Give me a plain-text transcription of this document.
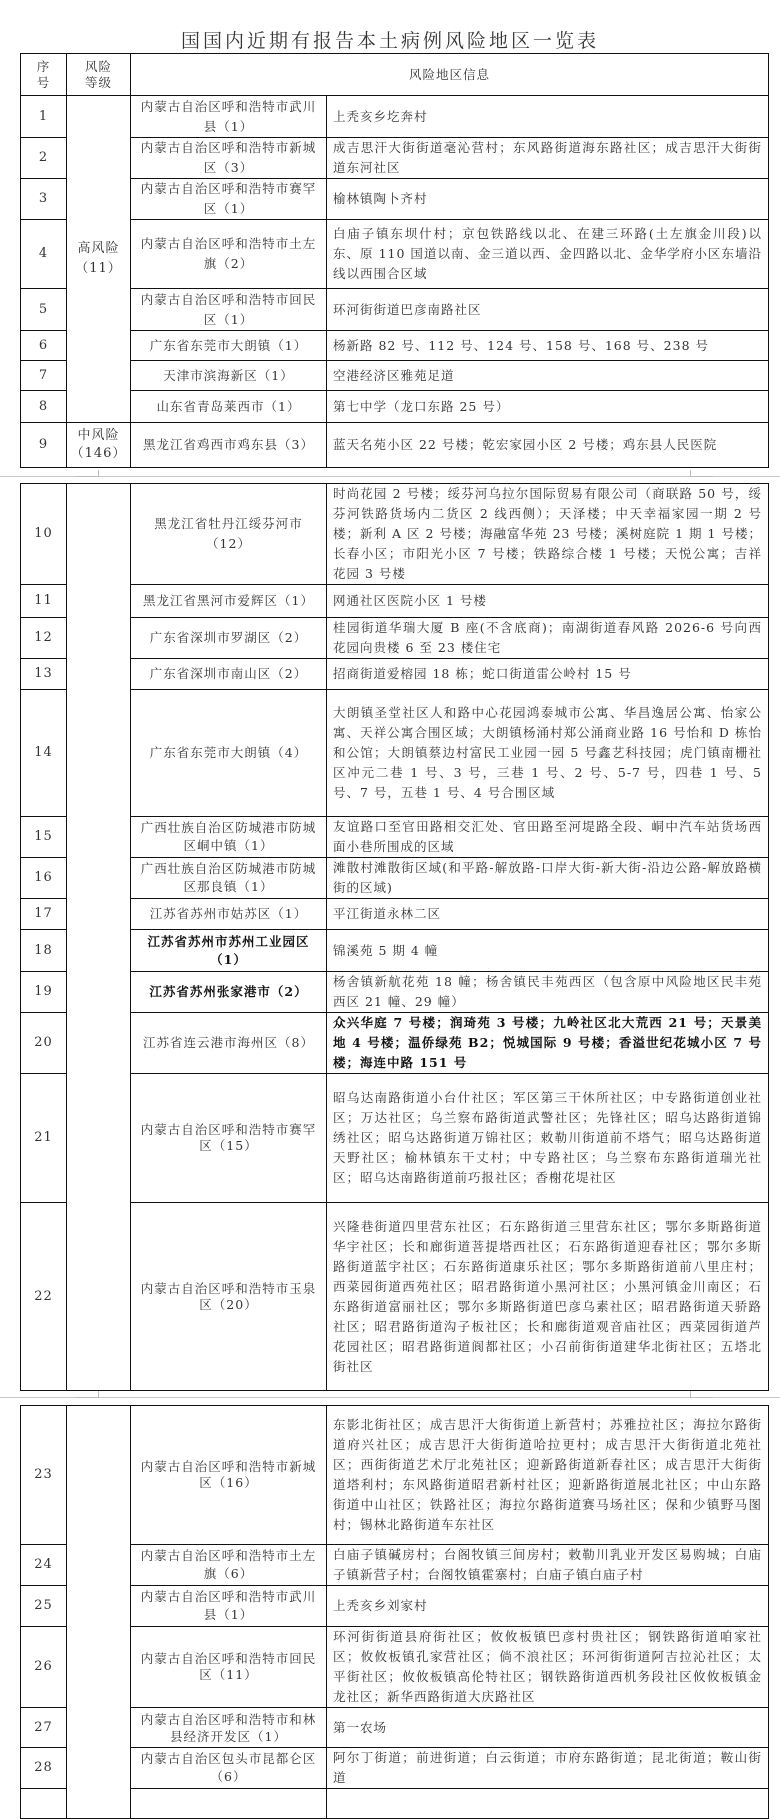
国国内近期有报告本土病例风险地区一览表
序号	风险等级	风险地区信息	
1	高风险（11）	内蒙古自治区呼和浩特市武川县（1）	上秃亥乡圪奔村
2		内蒙古自治区呼和浩特市新城区（3）	成吉思汗大街街道毫沁营村；东风路街道海东路社区；成吉思汗大街街道东河社区
3		内蒙古自治区呼和浩特市赛罕区（1）	榆林镇陶卜齐村
4		内蒙古自治区呼和浩特市土左旗（2）	白庙子镇东坝什村；京包铁路线以北、在建三环路(土左旗金川段)以东、原 110 国道以南、金三道以西、金四路以北、金华学府小区东墙沿线以西围合区域
5		内蒙古自治区呼和浩特市回民区（1）	环河街街道巴彦南路社区
6		广东省东莞市大朗镇（1）	杨新路 82 号、112 号、124 号、158 号、168 号、238 号
7		天津市滨海新区（1）	空港经济区雅苑足道
8		山东省青岛莱西市（1）	第七中学（龙口东路 25 号）
9	中风险（146）	黑龙江省鸡西市鸡东县（3）	蓝天名苑小区 22 号楼；乾宏家园小区 2 号楼；鸡东县人民医院
10		黑龙江省牡丹江绥芬河市（12）	时尚花园 2 号楼；绥芬河乌拉尔国际贸易有限公司（商联路 50 号，绥芬河铁路货场内二货区 2 线西侧）；天泽楼；中天幸福家园一期 2 号楼；新利 A 区 2 号楼；海融富华苑 23 号楼；溪树庭院 1 期 1 号楼；长春小区；市阳光小区 7 号楼；铁路综合楼 1 号楼；天悦公寓；吉祥花园 3 号楼
11		黑龙江省黑河市爱辉区（1）	网通社区医院小区 1 号楼
12		广东省深圳市罗湖区（2）	桂园街道华瑞大厦 B 座(不含底商)；南湖街道春风路 2026-6 号向西花园向贵楼 6 至 23 楼住宅
13		广东省深圳市南山区（2）	招商街道爱榕园 18 栋；蛇口街道雷公岭村 15 号
14		广东省东莞市大朗镇（4）	大朗镇圣堂社区人和路中心花园鸿泰城市公寓、华昌逸居公寓、怡家公寓、天祥公寓合围区域；大朗镇杨涌村郑公涌商业路 16 号怡和 D 栋怡和公馆；大朗镇蔡边村富民工业园一园 5 号鑫艺科技园；虎门镇南栅社区冲元二巷 1 号、3 号，三巷 1 号、2 号、5-7 号，四巷 1 号、5 号、7 号，五巷 1 号、4 号合围区域
15		广西壮族自治区防城港市防城区峒中镇（1）	友谊路口至官田路相交汇处、官田路至河堤路全段、峒中汽车站货场西面小巷所围成的区域
16		广西壮族自治区防城港市防城区那良镇（1）	滩散村滩散街区域(和平路-解放路-口岸大街-新大街-沿边公路-解放路横街的区域)
17		江苏省苏州市姑苏区（1）	平江街道永林二区
18		江苏省苏州市苏州工业园区（1）	锦溪苑 5 期 4 幢
19		江苏省苏州张家港市（2）	杨舍镇新航花苑 18 幢；杨舍镇民丰苑西区（包含原中风险地区民丰苑西区 21 幢、29 幢）
20		江苏省连云港市海州区（8）	众兴华庭 7 号楼；润琦苑 3 号楼；九岭社区北大荒西 21 号；天景美地 4 号楼；温侨绿苑 B2；悦城国际 9 号楼；香溢世纪花城小区 7 号楼；海连中路 151 号
21		内蒙古自治区呼和浩特市赛罕区（15）	昭乌达南路街道小台什社区；军区第三干休所社区；中专路街道创业社区；万达社区；乌兰察布路街道武警社区；先锋社区；昭乌达路街道锦绣社区；昭乌达路街道万锦社区；敕勒川街道前不塔气；昭乌达路街道天野社区；榆林镇东干丈村；中专路社区；乌兰察布东路街道瑞光社区；昭乌达南路街道前巧报社区；香榭花堤社区
22		内蒙古自治区呼和浩特市玉泉区（20）	兴隆巷街道四里营东社区；石东路街道三里营东社区；鄂尔多斯路街道华宇社区；长和廊街道菩提塔西社区；石东路街道迎春社区；鄂尔多斯路街道蓝宇社区；石东路街道康乐社区；鄂尔多斯路街道前八里庄村；西菜园街道西苑社区；昭君路街道小黑河社区；小黑河镇金川南区；石东路街道富丽社区；鄂尔多斯路街道巴彦乌素社区；昭君路街道天骄路社区；昭君路街道沟子板社区；长和廊街道观音庙社区；西菜园街道芦花园社区；昭君路街道阆都社区；小召前街街道建华北街社区；五塔北街社区
23		内蒙古自治区呼和浩特市新城区（16）	东影北街社区；成吉思汗大街街道上新营村；苏雅拉社区；海拉尔路街道府兴社区；成吉思汗大街街道哈拉更村；成吉思汗大街街道北苑社区；西街街道艺术厅北苑社区；迎新路街道新春社区；成吉思汗大街街道塔利村；东风路街道昭君新村社区；迎新路街道展北社区；中山东路街道中山社区；铁路社区；海拉尔路街道赛马场社区；保和少镇野马图村；锡林北路街道车东社区
24		内蒙古自治区呼和浩特市土左旗（6）	白庙子镇碱房村；台阁牧镇三间房村；敕勒川乳业开发区易购城；白庙子镇新营子村；台阁牧镇霍寨村；白庙子镇白庙子村
25		内蒙古自治区呼和浩特市武川县（1）	上秃亥乡刘家村
26		内蒙古自治区呼和浩特市回民区（11）	环河街街道县府街社区；攸攸板镇巴彦村贵社区；钢铁路街道咱家社区；攸攸板镇孔家营社区；倘不浪社区；环河街街道阿吉拉沁社区；太平街社区；攸攸板镇高伦特社区；钢铁路街道西机务段社区攸攸板镇金龙社区；新华西路街道大庆路社区
27		内蒙古自治区呼和浩特市和林县经济开发区（1）	第一农场
28		内蒙古自治区包头市昆都仑区（6）	阿尔丁街道；前进街道；白云街道；市府东路街道；昆北街道；鞍山街道
